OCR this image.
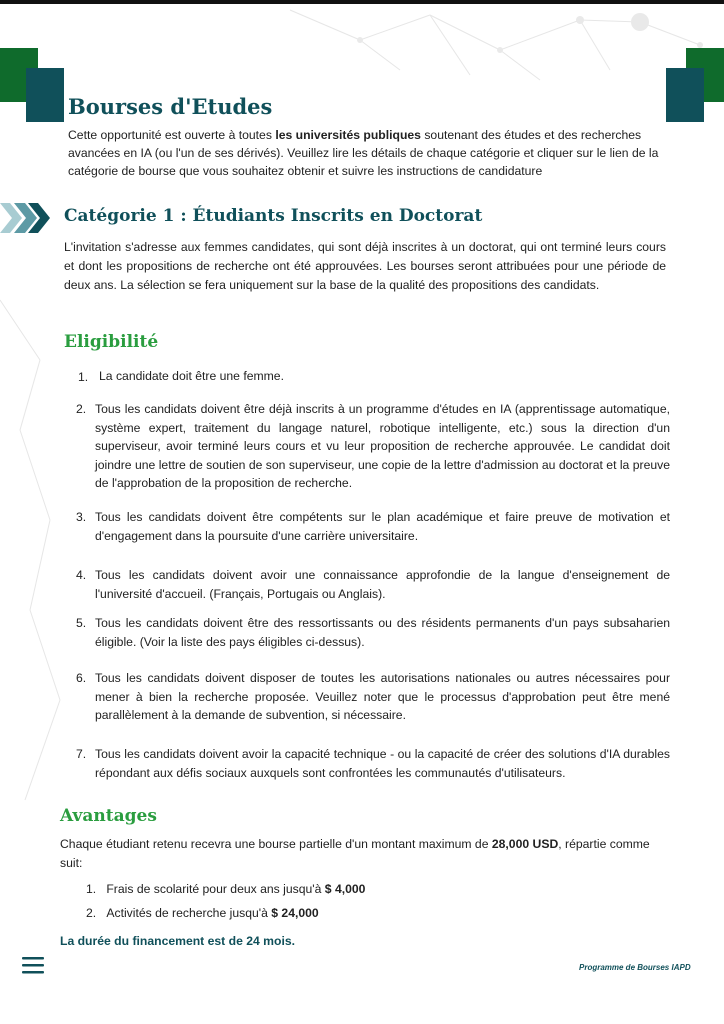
Bourses d'Etudes

Cette opportunité est ouverte à toutes les universités publiques soutenant des études et des recherches avancées en IA (ou l'un de ses dérivés). Veuillez lire les détails de chaque catégorie et cliquer sur le lien de la catégorie de bourse que vous souhaitez obtenir et suivre les instructions de candidature

Catégorie 1 : Étudiants Inscrits en Doctorat

L'invitation s'adresse aux femmes candidates, qui sont déjà inscrites à un doctorat, qui ont terminé leurs cours et dont les propositions de recherche ont été approuvées. Les bourses seront attribuées pour une période de deux ans. La sélection se fera uniquement sur la base de la qualité des propositions des candidats.

Eligibilité
1. La candidate doit être une femme.
2. Tous les candidats doivent être déjà inscrits à un programme d'études en IA (apprentissage automatique, système expert, traitement du langage naturel, robotique intelligente, etc.) sous la direction d'un superviseur, avoir terminé leurs cours et vu leur proposition de recherche approuvée. Le candidat doit joindre une lettre de soutien de son superviseur, une copie de la lettre d'admission au doctorat et la preuve de l'approbation de la proposition de recherche.
3. Tous les candidats doivent être compétents sur le plan académique et faire preuve de motivation et d'engagement dans la poursuite d'une carrière universitaire.
4. Tous les candidats doivent avoir une connaissance approfondie de la langue d'enseignement de l'université d'accueil. (Français, Portugais ou Anglais).
5. Tous les candidats doivent être des ressortissants ou des résidents permanents d'un pays subsaharien éligible. (Voir la liste des pays éligibles ci-dessus).
6. Tous les candidats doivent disposer de toutes les autorisations nationales ou autres nécessaires pour mener à bien la recherche proposée. Veuillez noter que le processus d'approbation peut être mené parallèlement à la demande de subvention, si nécessaire.
7. Tous les candidats doivent avoir la capacité technique - ou la capacité de créer des solutions d'IA durables répondant aux défis sociaux auxquels sont confrontées les communautés d'utilisateurs.
Avantages

Chaque étudiant retenu recevra une bourse partielle d'un montant maximum de 28,000 USD, répartie comme suit:

1. Frais de scolarité pour deux ans jusqu'à $ 4,000

2. Activités de recherche jusqu'à $ 24,000

La durée du financement est de 24 mois.

Programme de Bourses IAPD
